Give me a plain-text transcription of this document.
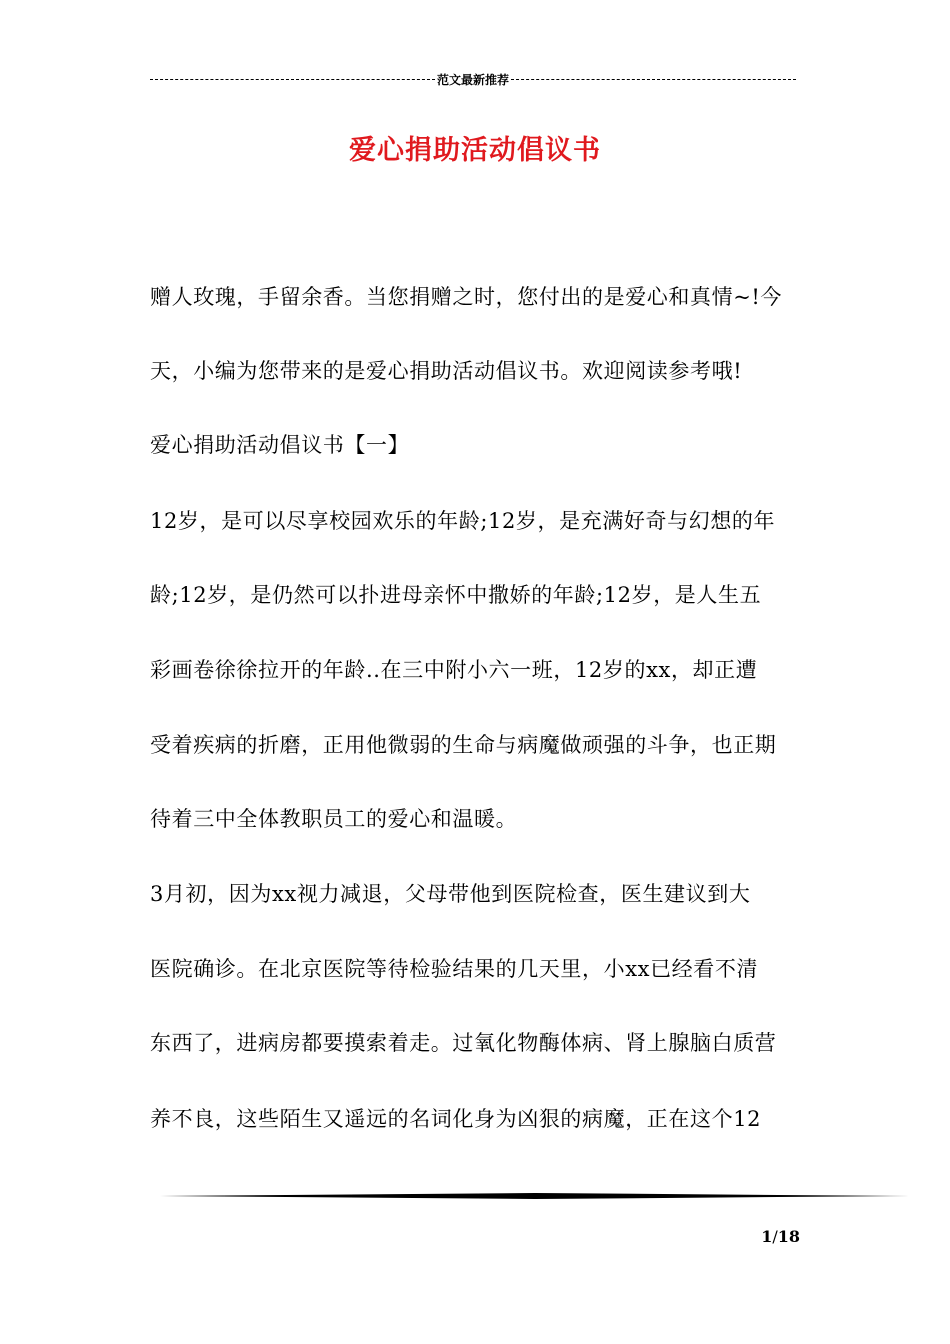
范文最新推荐
爱心捐助活动倡议书
赠人玫瑰，手留余香。当您捐赠之时，您付出的是爱心和真情~!今
天，小编为您带来的是爱心捐助活动倡议书。欢迎阅读参考哦!
爱心捐助活动倡议书【一】
12岁，是可以尽享校园欢乐的年龄;12岁，是充满好奇与幻想的年
龄;12岁，是仍然可以扑进母亲怀中撒娇的年龄;12岁，是人生五
彩画卷徐徐拉开的年龄..在三中附小六一班，12岁的xx，却正遭
受着疾病的折磨，正用他微弱的生命与病魔做顽强的斗争，也正期
待着三中全体教职员工的爱心和温暖。
3月初，因为xx视力减退，父母带他到医院检查，医生建议到大
医院确诊。在北京医院等待检验结果的几天里，小xx已经看不清
东西了，进病房都要摸索着走。过氧化物酶体病、肾上腺脑白质营
养不良，这些陌生又遥远的名词化身为凶狠的病魔，正在这个12
1/18
